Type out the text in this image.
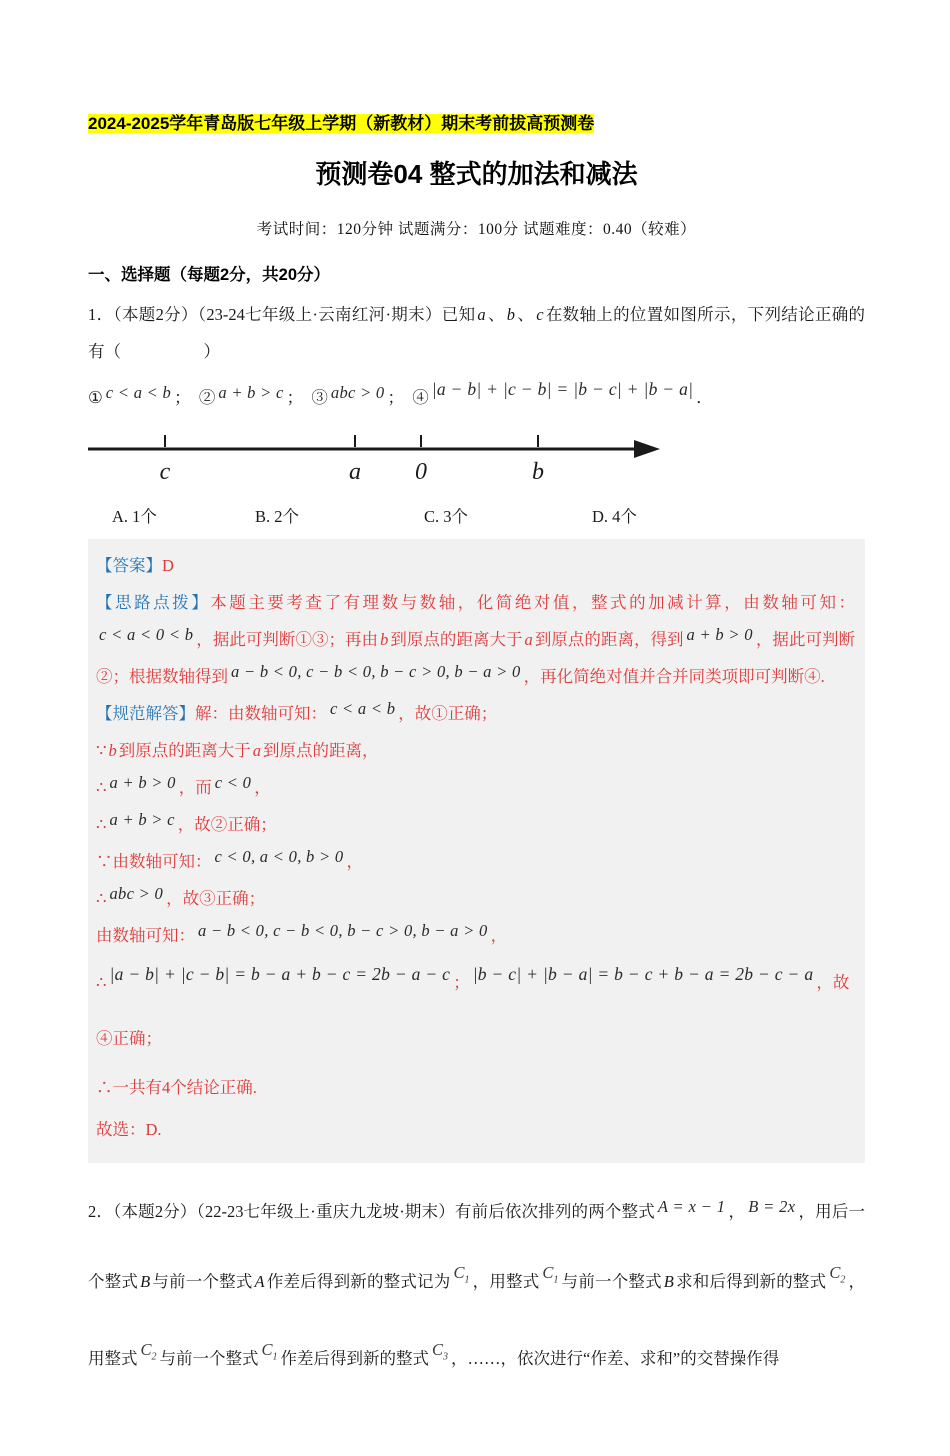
2024-2025学年青岛版七年级上学期（新教材）期末考前拔高预测卷
预测卷04 整式的加法和减法
考试时间：120分钟 试题满分：100分 试题难度：0.40（较难）
一、选择题（每题2分，共20分）

1．（本题2分）（23-24七年级上·云南红河·期末）已知 a 、 b 、 c 在数轴上的位置如图所示，下列结论正确的有（　　　　　）

① c < a < b ；　② a + b > c ；　③ abc > 0 ；　④ |a − b| + |c − b| = |b − c| + |b − a| ．

c	a 0	b
A. 1个	B. 2个	C. 3个	D. 4个

【答案】D

【思路点拨】本题主要考查了有理数与数轴，化简绝对值，整式的加减计算，由数轴可知：c < a < 0 < b ，据此可判断①③；再由 b 到原点的距离大于 a 到原点的距离，得到 a + b > 0 ，据此可判断②；根据数轴得到 a − b < 0, c − b < 0, b − c > 0, b − a > 0 ，再化简绝对值并合并同类项即可判断④.

【规范解答】解：由数轴可知： c < a < b ，故①正确；

∵ b 到原点的距离大于 a 到原点的距离，

∴ a + b > 0 ，而 c < 0 ，

∴ a + b > c ，故②正确；

∵由数轴可知： c < 0, a < 0, b > 0 ，

∴ abc > 0 ，故③正确；

由数轴可知： a − b < 0, c − b < 0, b − c > 0, b − a > 0 ，

∴ |a − b| + |c − b| = b − a + b − c = 2b − a − c ； |b − c| + |b − a| = b − c + b − a = 2b − c − a ，故④正确；

∴一共有4个结论正确.

故选：D.

2．（本题2分）（22-23七年级上·重庆九龙坡·期末）有前后依次排列的两个整式 A = x − 1 ， B = 2x ，用后一个整式 B 与前一个整式 A 作差后得到新的整式记为 $C_1$ ，用整式 $C_1$ 与前一个整式 B 求和后得到新的整式 $C_2$ ，用整式 $C_2$ 与前一个整式 $C_1$ 作差后得到新的整式 $C_3$ ，……，依次进行“作差、求和”的交替操作得
